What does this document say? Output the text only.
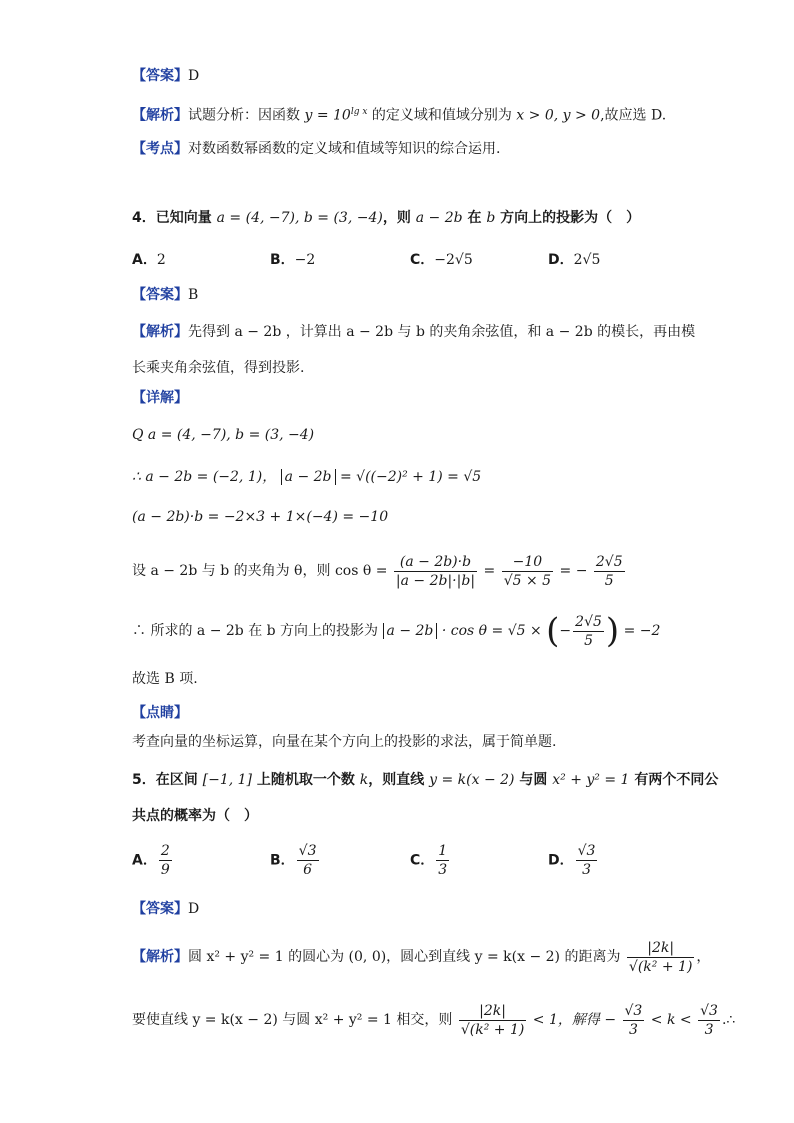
【答案】D
【解析】试题分析：因函数 $y = 10^{lg x}$ 的定义域和值域分别为 x > 0, y > 0,故应选 D.
【考点】对数函数幂函数的定义域和值域等知识的综合运用.
4．已知向量 a = (4, −7), b = (3, −4)，则 a − 2b 在 b 方向上的投影为（　）
A．2	B．−2	C．−2√5	D．2√5
【答案】B
【解析】先得到 a − 2b ，计算出 a − 2b 与 b 的夹角余弦值，和 a − 2b 的模长，再由模
长乘夹角余弦值，得到投影.
【详解】
Q a = (4, −7), b = (3, −4)
∴ a − 2b = (−2, 1)， a − 2b = √((−2)² + 1) = √5
(a − 2b)·b = −2×3 + 1×(−4) = −10
设 a − 2b 与 b 的夹角为 θ，则 $\cos \theta = \frac{(a - 2b)\cdot b}{|a - 2b|\cdot|b|} = \frac{-10}{√5 \times 5}$ = − $\frac{2√5}{5}$
∴ 所求的 a − 2b 在 b 方向上的投影为 a − 2b · cos θ = √5 × (− $\frac{2√5}{5}$ ) = −2
故选 B 项.
【点睛】
考查向量的坐标运算，向量在某个方向上的投影的求法，属于简单题.
5．在区间 [−1, 1] 上随机取一个数 k，则直线 y = k(x − 2) 与圆 x² + y² = 1 有两个不同公
共点的概率为（　）
A． $\frac{2}{9}$	B． $\frac{√3}{6}$	C． $\frac{1}{3}$	D． $\frac{√3}{3}$
【答案】D
【解析】圆 x² + y² = 1 的圆心为 (0, 0)，圆心到直线 y = k(x − 2) 的距离为 $\frac{|2k|}{\text{√(k² + 1)}}$ ，
要使直线 y = k(x − 2) 与圆 x² + y² = 1 相交，则 $\frac{|2k|}{\text{√(k² + 1)}} < 1$，解得 − $\frac{√3}{3} < k < \frac{√3}{3}$ .∴
